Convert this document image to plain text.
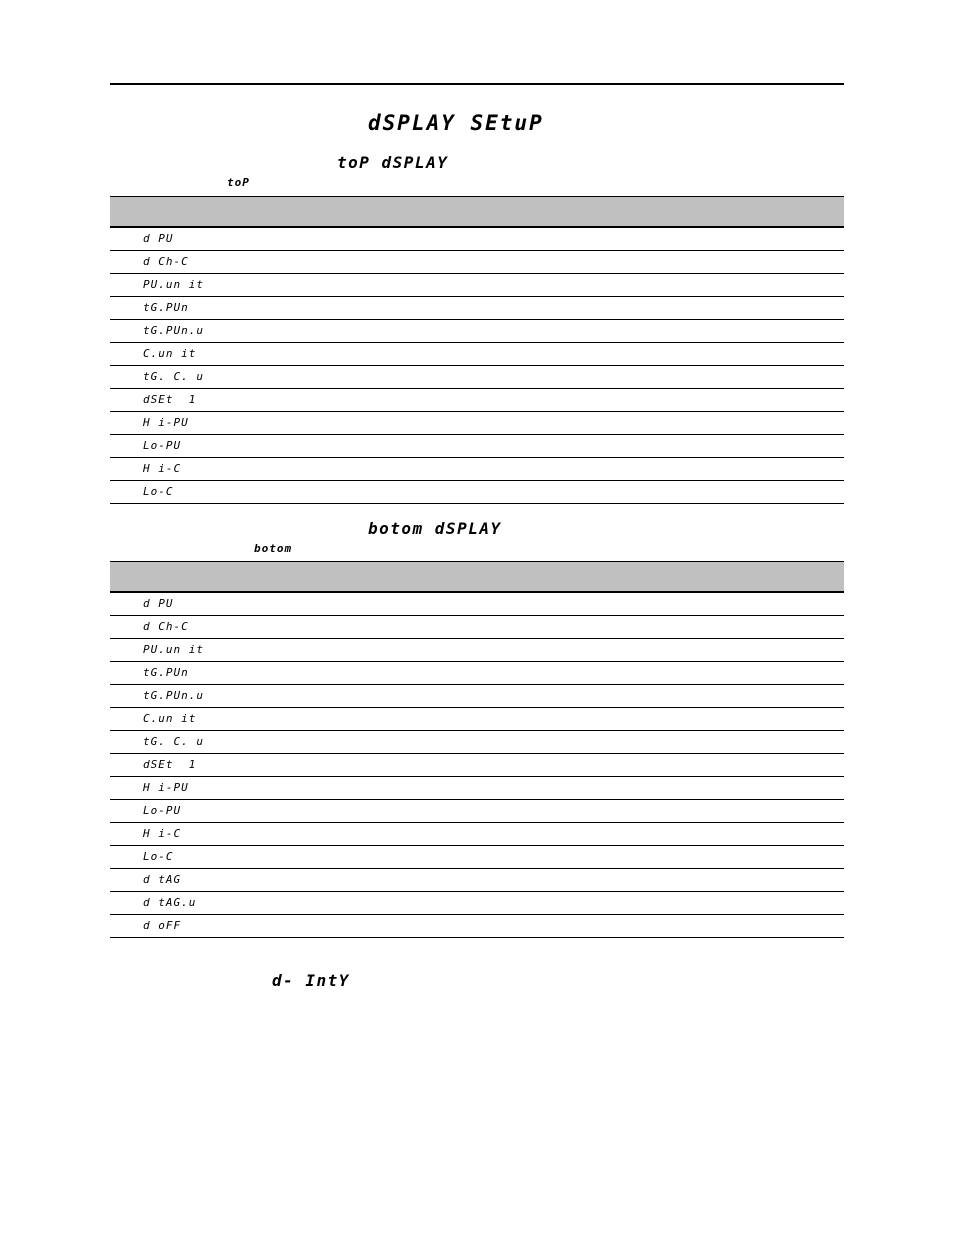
dSPLAY SEtuP
toP dSPLAY
toP
d PU
d Ch-C
PU.un it
tG.PUn
tG.PUn.u
C.un it
tG. C. u
dSEt  1
H i-PU
Lo-PU
H i-C
Lo-C
botom dSPLAY
botom
d PU
d Ch-C
PU.un it
tG.PUn
tG.PUn.u
C.un it
tG. C. u
dSEt  1
H i-PU
Lo-PU
H i-C
Lo-C
d tAG
d tAG.u
d oFF
d- IntY
